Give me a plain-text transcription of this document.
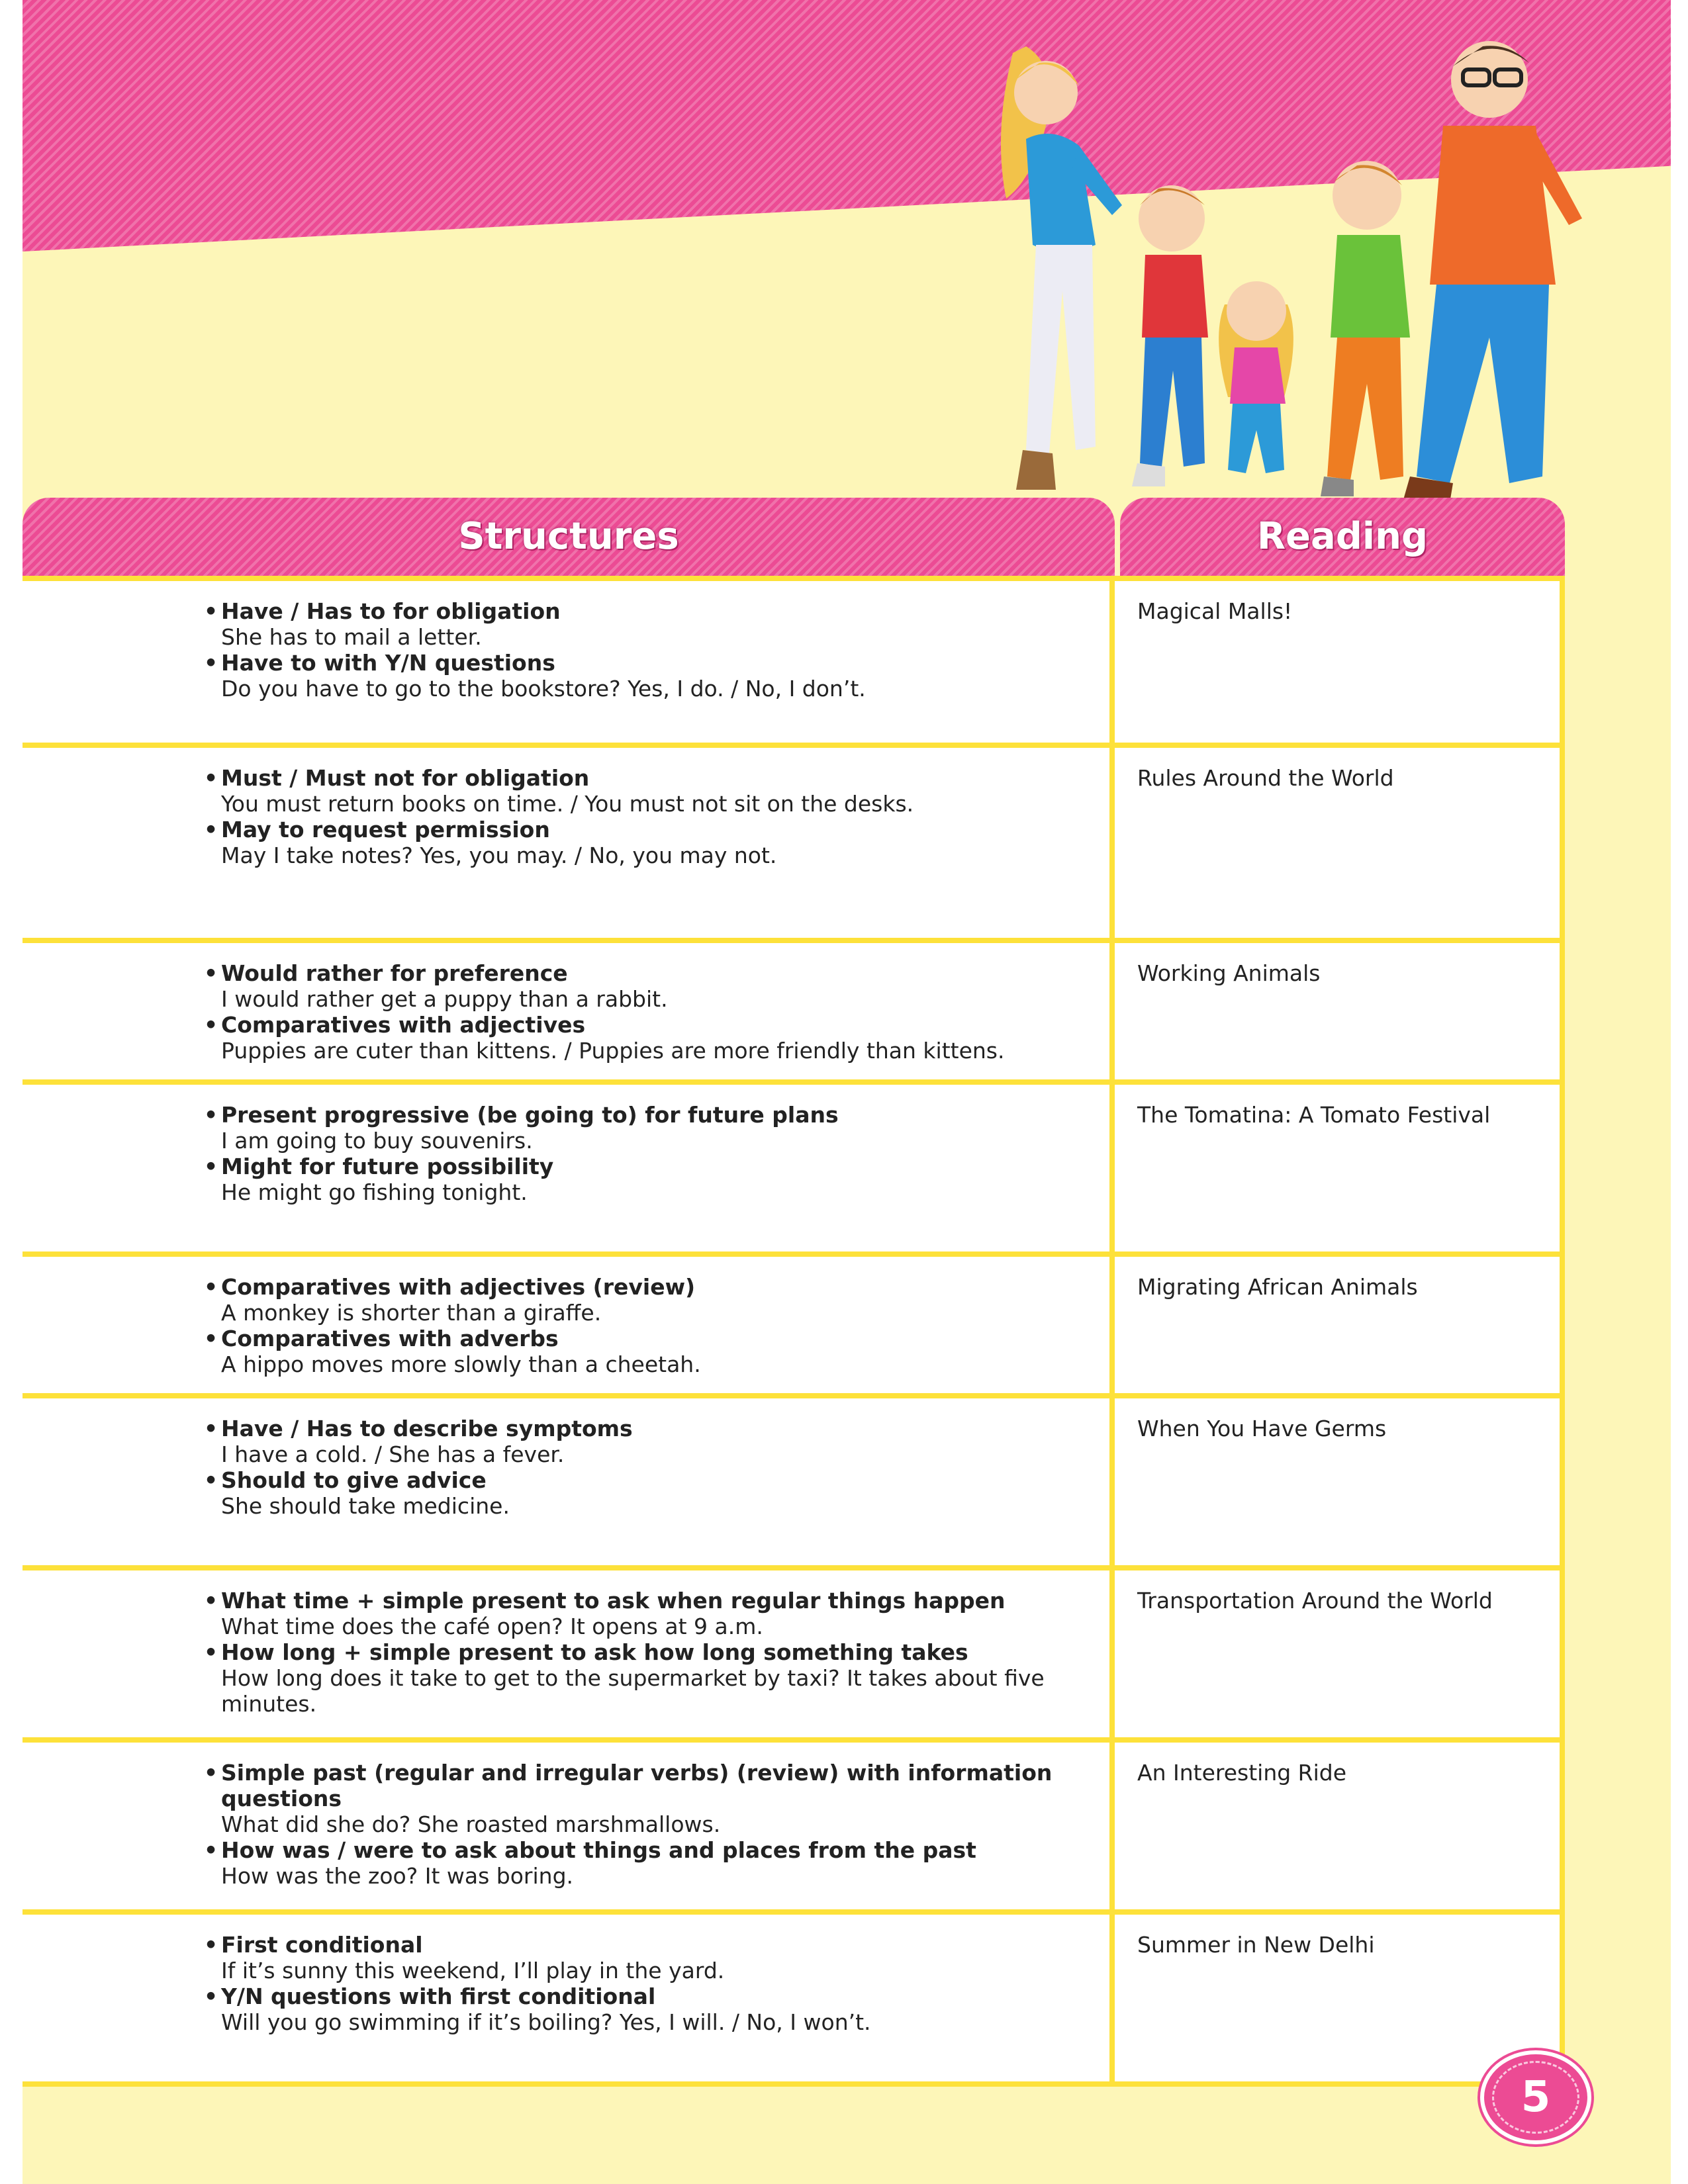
Structures	Reading
• Have / Has to for obligation
She has to mail a letter.
• Have to with Y/N questions
Do you have to go to the bookstore? Yes, I do. / No, I don’t.
Magical Malls!
• Must / Must not for obligation
You must return books on time. / You must not sit on the desks.
• May to request permission
May I take notes? Yes, you may. / No, you may not.
Rules Around the World
• Would rather for preference
I would rather get a puppy than a rabbit.
• Comparatives with adjectives
Puppies are cuter than kittens. / Puppies are more friendly than kittens.
Working Animals
• Present progressive (be going to) for future plans
I am going to buy souvenirs.
• Might for future possibility
He might go fishing tonight.
The Tomatina: A Tomato Festival
• Comparatives with adjectives (review)
A monkey is shorter than a giraffe.
• Comparatives with adverbs
A hippo moves more slowly than a cheetah.
Migrating African Animals
• Have / Has to describe symptoms
I have a cold. / She has a fever.
• Should to give advice
She should take medicine.
When You Have Germs
• What time + simple present to ask when regular things happen
What time does the café open? It opens at 9 a.m.
• How long + simple present to ask how long something takes
How long does it take to get to the supermarket by taxi? It takes about five minutes.
Transportation Around the World
• Simple past (regular and irregular verbs) (review) with information questions
What did she do? She roasted marshmallows.
• How was / were to ask about things and places from the past
How was the zoo? It was boring.
An Interesting Ride
• First conditional
If it’s sunny this weekend, I’ll play in the yard.
• Y/N questions with first conditional
Will you go swimming if it’s boiling? Yes, I will. / No, I won’t.
Summer in New Delhi
5
